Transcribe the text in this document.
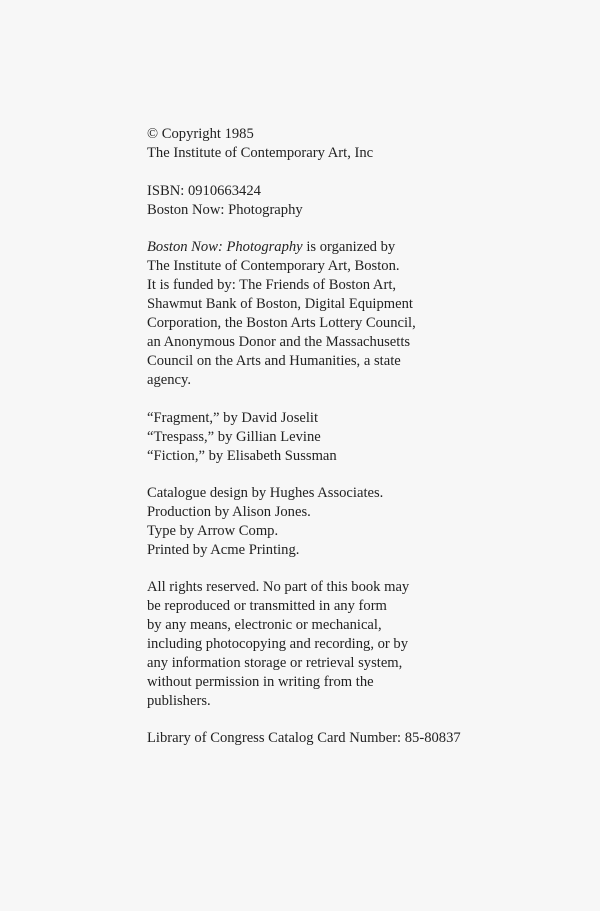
© Copyright 1985
The Institute of Contemporary Art, Inc
ISBN: 0910663424
Boston Now: Photography
Boston Now: Photography is organized by
The Institute of Contemporary Art, Boston.
It is funded by: The Friends of Boston Art,
Shawmut Bank of Boston, Digital Equipment
Corporation, the Boston Arts Lottery Council,
an Anonymous Donor and the Massachusetts
Council on the Arts and Humanities, a state
agency.
“Fragment,” by David Joselit
“Trespass,” by Gillian Levine
“Fiction,” by Elisabeth Sussman
Catalogue design by Hughes Associates.
Production by Alison Jones.
Type by Arrow Comp.
Printed by Acme Printing.
All rights reserved. No part of this book may
be reproduced or transmitted in any form
by any means, electronic or mechanical,
including photocopying and recording, or by
any information storage or retrieval system,
without permission in writing from the
publishers.
Library of Congress Catalog Card Number: 85-80837
